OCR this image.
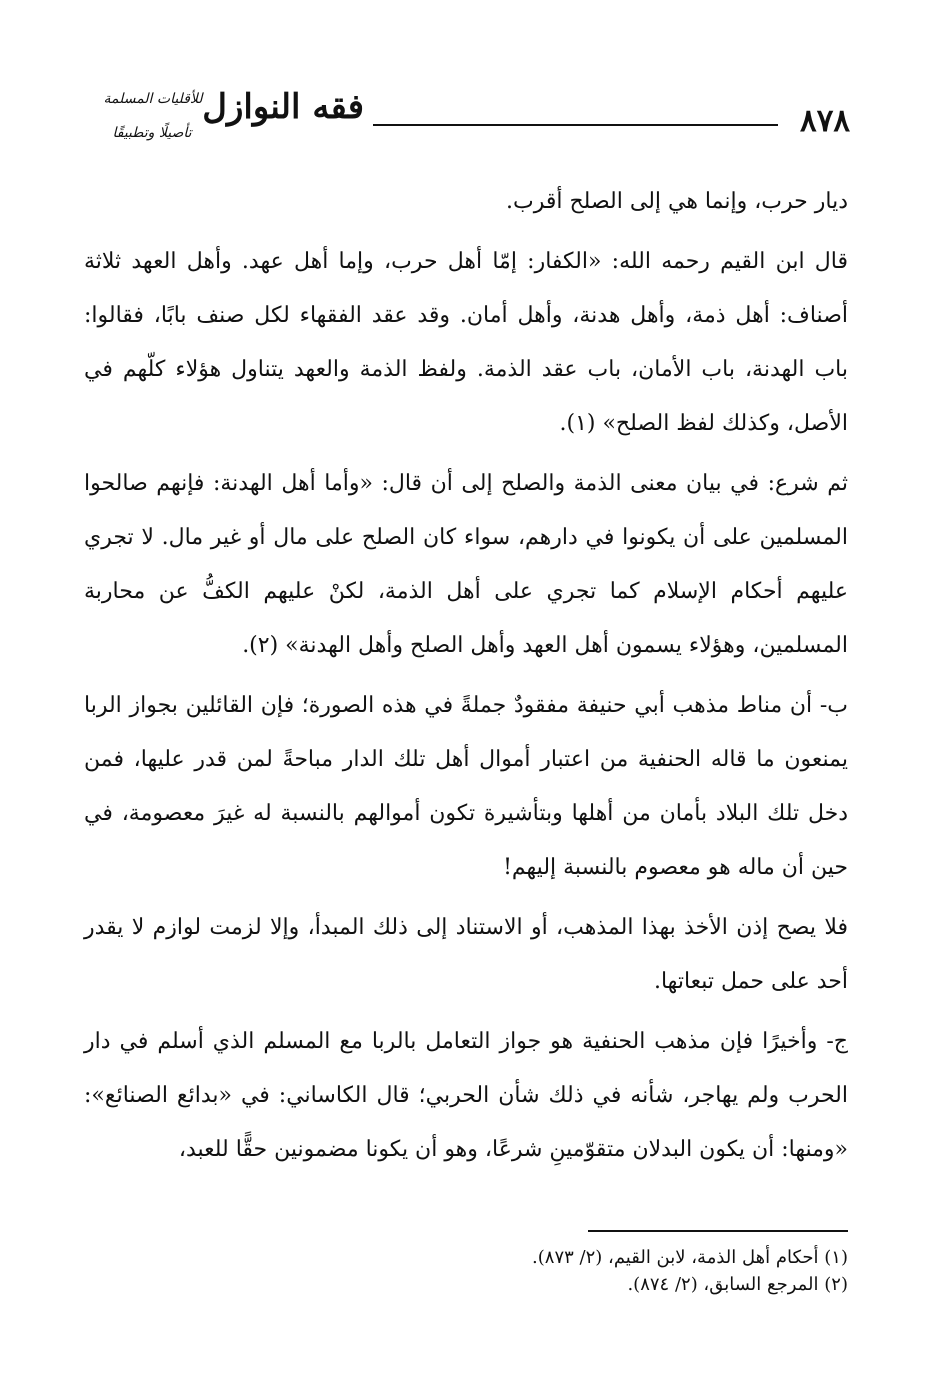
٨٧٨
فقه النوازل
للأقليات المسلمة
تأصيلًا وتطبيقًا

ديار حرب، وإنما هي إلى الصلح أقرب.

قال ابن القيم رحمه الله: «الكفار: إمّا أهل حرب، وإما أهل عهد. وأهل العهد ثلاثة أصناف: أهل ذمة، وأهل هدنة، وأهل أمان. وقد عقد الفقهاء لكل صنف بابًا، فقالوا: باب الهدنة، باب الأمان، باب عقد الذمة. ولفظ الذمة والعهد يتناول هؤلاء كلّهم في الأصل، وكذلك لفظ الصلح» (١).

ثم شرع: في بيان معنى الذمة والصلح إلى أن قال: «وأما أهل الهدنة: فإنهم صالحوا المسلمين على أن يكونوا في دارهم، سواء كان الصلح على مال أو غير مال. لا تجري عليهم أحكام الإسلام كما تجري على أهل الذمة، لكنْ عليهم الكفُّ عن محاربة المسلمين، وهؤلاء يسمون أهل العهد وأهل الصلح وأهل الهدنة» (٢).

ب- أن مناط مذهب أبي حنيفة مفقودٌ جملةً في هذه الصورة؛ فإن القائلين بجواز الربا يمنعون ما قاله الحنفية من اعتبار أموال أهل تلك الدار مباحةً لمن قدر عليها، فمن دخل تلك البلاد بأمان من أهلها وبتأشيرة تكون أموالهم بالنسبة له غيرَ معصومة، في حين أن ماله هو معصوم بالنسبة إليهم!

فلا يصح إذن الأخذ بهذا المذهب، أو الاستناد إلى ذلك المبدأ، وإلا لزمت لوازم لا يقدر أحد على حمل تبعاتها.

ج- وأخيرًا فإن مذهب الحنفية هو جواز التعامل بالربا مع المسلم الذي أسلم في دار الحرب ولم يهاجر، شأنه في ذلك شأن الحربي؛ قال الكاساني: في «بدائع الصنائع»: «ومنها: أن يكون البدلان متقوّمينِ شرعًا، وهو أن يكونا مضمونين حقًّا للعبد،

(١) أحكام أهل الذمة، لابن القيم، (٢/ ٨٧٣).

(٢) المرجع السابق، (٢/ ٨٧٤).
